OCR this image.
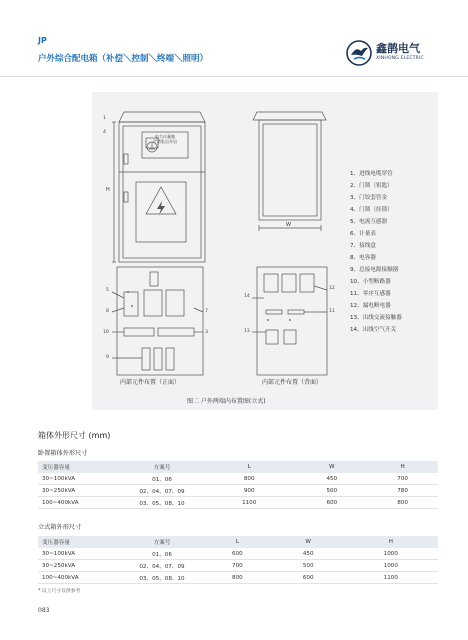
JP
户外综合配电箱（补偿＼控制＼终端＼照明）
鑫鹊电气
XINHONG ELECTRIC
电力计量箱
严禁私自开启
H
W
1
4
5
8
10
9
7
3
14
13
12
11
1、进线电缆穿管
2、门锁（钥匙）
3、门铰套管金
4、门锁（挂锁）
5、电流互感器
6、计量表
7、接线盒
8、电容器
9、总接电源接触器
10、小型断路器
11、零序互感器
12、漏电断电器
13、出线交流接触器
14、出线空气开关
内部元件布置（正面）	内部元件布置（背面）
图二 户外两端内布置图(立式)
箱体外形尺寸 (mm)
卧置箱体外形尺寸
变压器容量	方案号	L	W	H
30~100kVA	01、06	800	450	700
30~250kVA	02、04、07、09	900	500	780
100~400kVA	03、05、08、10	1100	600	800
立式箱外形尺寸
变压器容量	方案号	L	W	H
30~100kVA	01、06	600	450	1000
30~250kVA	02、04、07、09	700	500	1000
100~400kVA	03、05、08、10	800	600	1100
* 以上尺寸仅供参考
083
